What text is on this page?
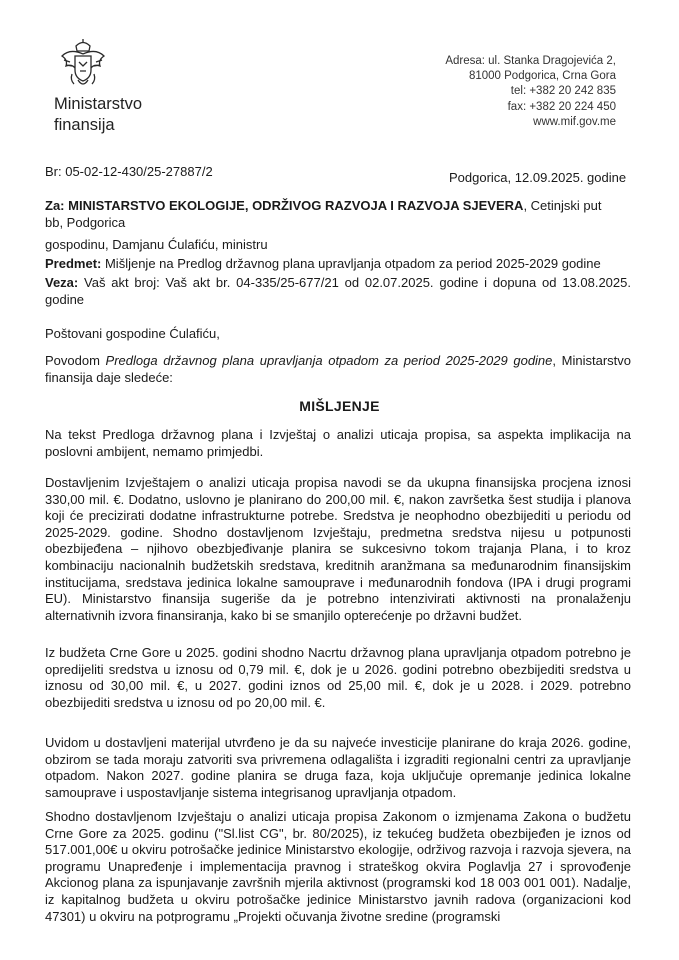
Ministarstvo
finansija
Adresa: ul. Stanka Dragojevića 2,
81000 Podgorica, Crna Gora
tel: +382 20 242 835
fax: +382 20 224 450
www.mif.gov.me
Br: 05-02-12-430/25-27887/2	Podgorica, 12.09.2025. godine
Za: MINISTARSTVO EKOLOGIJE, ODRŽIVOG RAZVOJA I RAZVOJA SJEVERA, Cetinjski put
bb, Podgorica
gospodinu, Damjanu Ćulafiću, ministru
Predmet: Mišljenje na Predlog državnog plana upravljanja otpadom za period 2025-2029 godine
Veza: Vaš akt broj: Vaš akt br. 04-335/25-677/21 od 02.07.2025. godine i dopuna od 13.08.2025. godine
Poštovani gospodine Ćulafiću,
Povodom Predloga državnog plana upravljanja otpadom za period 2025-2029 godine, Ministarstvo finansija daje sledeće:
MIŠLJENJE
Na tekst Predloga državnog plana i Izvještaj o analizi uticaja propisa, sa aspekta implikacija na poslovni ambijent, nemamo primjedbi.
Dostavljenim Izvještajem o analizi uticaja propisa navodi se da ukupna finansijska procjena iznosi 330,00 mil. €. Dodatno, uslovno je planirano do 200,00 mil. €, nakon završetka šest studija i planova koji će precizirati dodatne infrastrukturne potrebe. Sredstva je neophodno obezbijediti u periodu od 2025-2029. godine. Shodno dostavljenom Izvještaju, predmetna sredstva nijesu u potpunosti obezbijeđena – njihovo obezbjeđivanje planira se sukcesivno tokom trajanja Plana, i to kroz kombinaciju nacionalnih budžetskih sredstava, kreditnih aranžmana sa međunarodnim finansijskim institucijama, sredstava jedinica lokalne samouprave i međunarodnih fondova (IPA i drugi programi EU). Ministarstvo finansija sugeriše da je potrebno intenzivirati aktivnosti na pronalaženju alternativnih izvora finansiranja, kako bi se smanjilo opterećenje po državni budžet.
Iz budžeta Crne Gore u 2025. godini shodno Nacrtu državnog plana upravljanja otpadom potrebno je opredijeliti sredstva u iznosu od 0,79 mil. €, dok je u 2026. godini potrebno obezbijediti sredstva u iznosu od 30,00 mil. €, u 2027. godini iznos od 25,00 mil. €, dok je u 2028. i 2029. potrebno obezbijediti sredstva u iznosu od po 20,00 mil. €.
Uvidom u dostavljeni materijal utvrđeno je da su najveće investicije planirane do kraja 2026. godine, obzirom se tada moraju zatvoriti sva privremena odlagališta i izgraditi regionalni centri za upravljanje otpadom. Nakon 2027. godine planira se druga faza, koja uključuje opremanje jedinica lokalne samouprave i uspostavljanje sistema integrisanog upravljanja otpadom.
Shodno dostavljenom Izvještaju o analizi uticaja propisa Zakonom o izmjenama Zakona o budžetu Crne Gore za 2025. godinu ("Sl.list CG", br. 80/2025), iz tekućeg budžeta obezbijeđen je iznos od 517.001,00€ u okviru potrošačke jedinice Ministarstvo ekologije, održivog razvoja i razvoja sjevera, na programu Unapređenje i implementacija pravnog i strateškog okvira Poglavlja 27 i sprovođenje Akcionog plana za ispunjavanje završnih mjerila aktivnost (programski kod 18 003 001 001). Nadalje, iz kapitalnog budžeta u okviru potrošačke jedinice Ministarstvo javnih radova (organizacioni kod 47301) u okviru na potprogramu „Projekti očuvanja životne sredine (programski
